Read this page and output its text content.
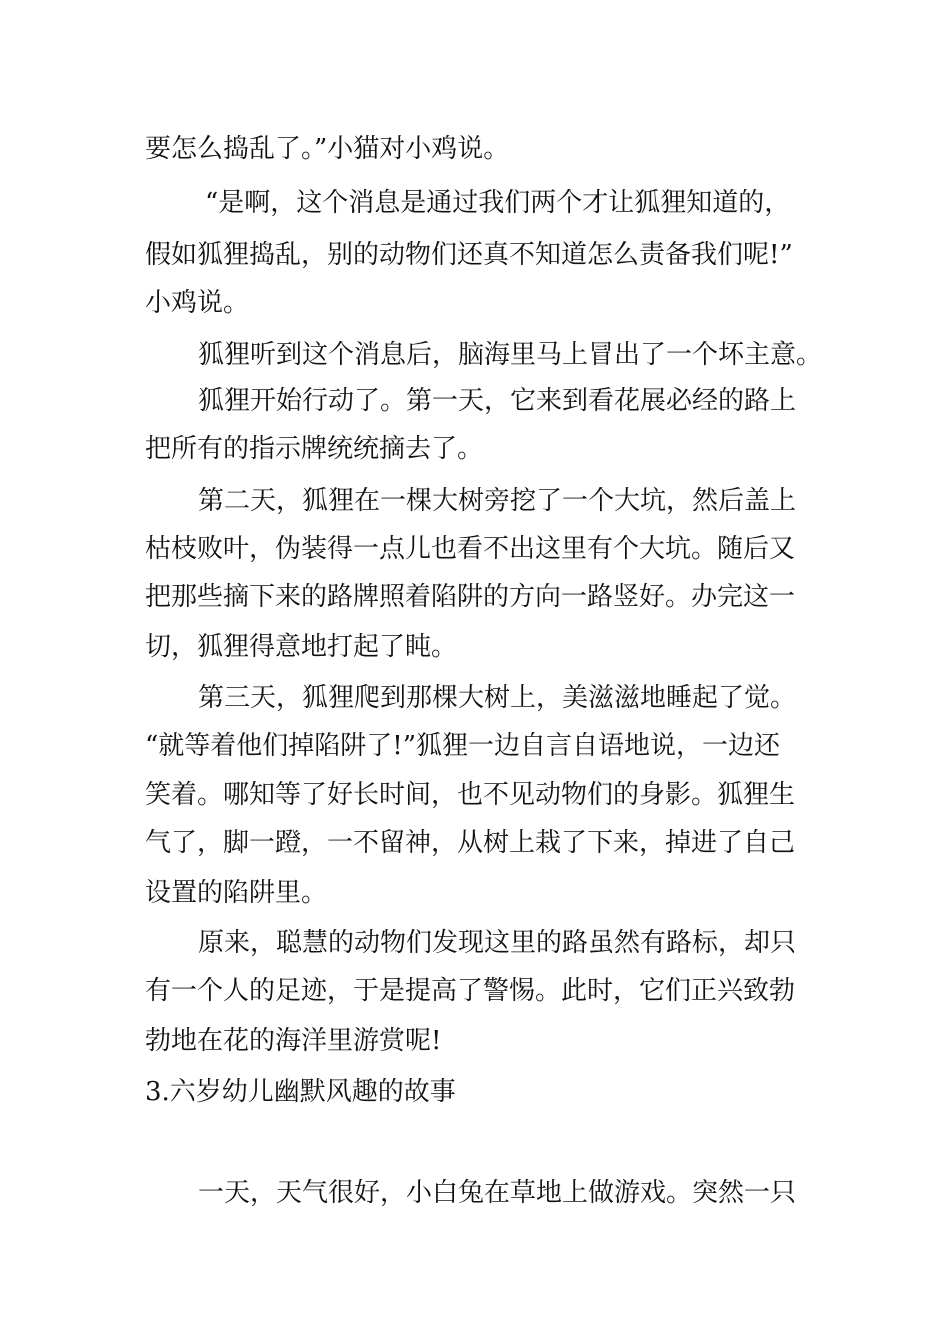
要怎么捣乱了。”小猫对小鸡说。

“是啊，这个消息是通过我们两个才让狐狸知道的，

假如狐狸捣乱，别的动物们还真不知道怎么责备我们呢!”

小鸡说。

狐狸听到这个消息后，脑海里马上冒出了一个坏主意。

狐狸开始行动了。第一天，它来到看花展必经的路上

把所有的指示牌统统摘去了。

第二天，狐狸在一棵大树旁挖了一个大坑，然后盖上

枯枝败叶，伪装得一点儿也看不出这里有个大坑。随后又

把那些摘下来的路牌照着陷阱的方向一路竖好。办完这一

切，狐狸得意地打起了盹。

第三天，狐狸爬到那棵大树上，美滋滋地睡起了觉。

“就等着他们掉陷阱了!”狐狸一边自言自语地说，一边还

笑着。哪知等了好长时间，也不见动物们的身影。狐狸生

气了，脚一蹬，一不留神，从树上栽了下来，掉进了自己

设置的陷阱里。

原来，聪慧的动物们发现这里的路虽然有路标，却只

有一个人的足迹，于是提高了警惕。此时，它们正兴致勃

勃地在花的海洋里游赏呢!

3.六岁幼儿幽默风趣的故事

一天，天气很好，小白兔在草地上做游戏。突然一只
